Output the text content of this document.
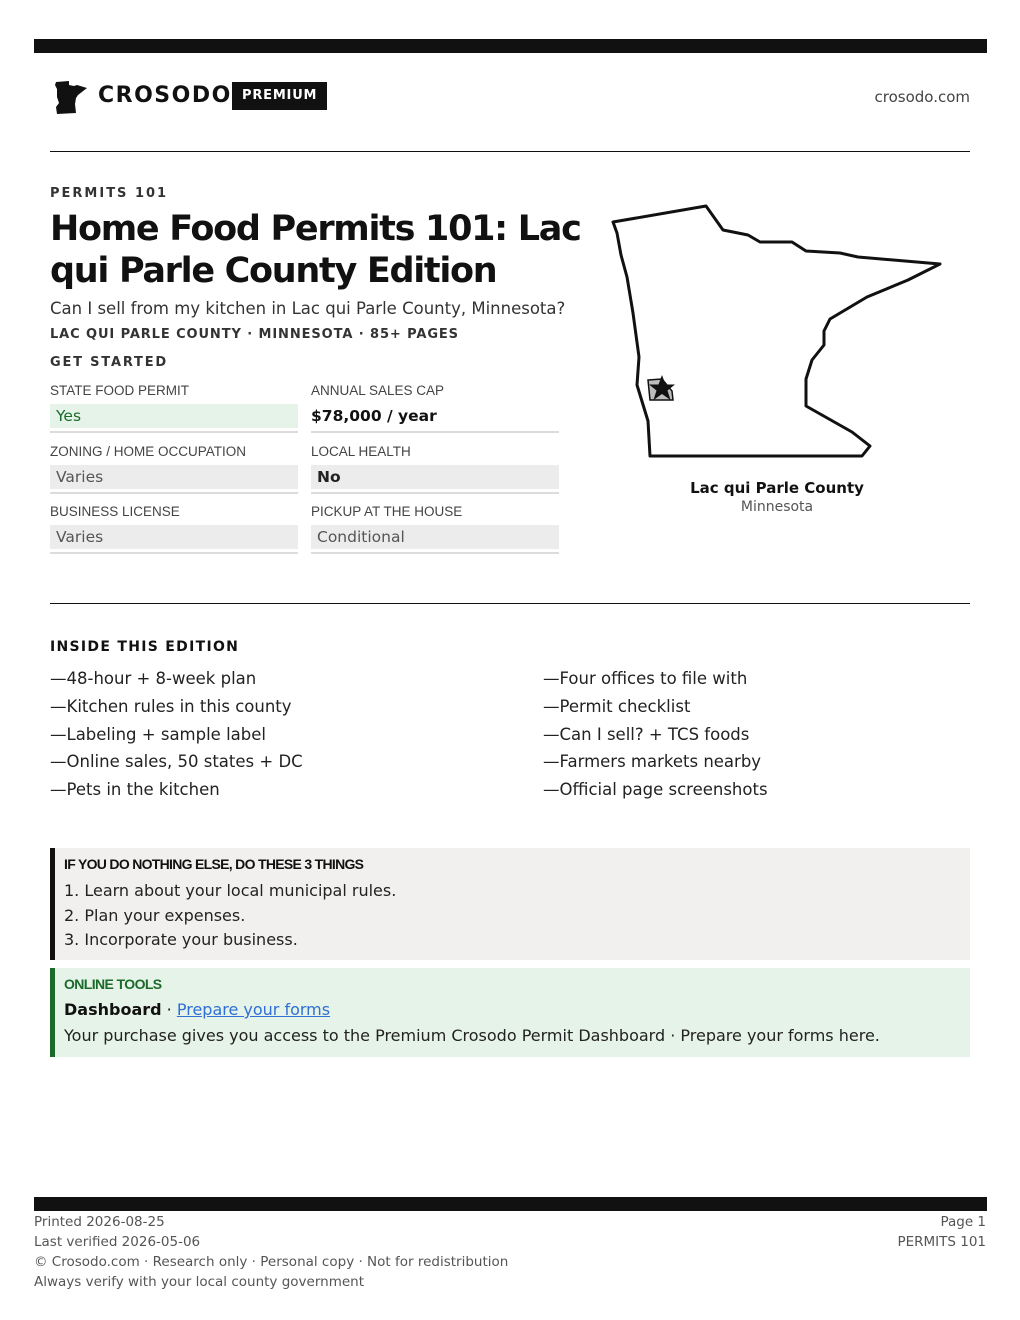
CROSODO PREMIUM	crosodo.com
PERMITS 101
Home Food Permits 101: Lac qui Parle County Edition
Can I sell from my kitchen in Lac qui Parle County, Minnesota?
LAC QUI PARLE COUNTY · MINNESOTA · 85+ PAGES
GET STARTED
STATE FOOD PERMIT
Yes
ANNUAL SALES CAP
$78,000 / year
ZONING / HOME OCCUPATION
Varies
LOCAL HEALTH
No
BUSINESS LICENSE
Varies
PICKUP AT THE HOUSE
Conditional
Lac qui Parle County
Minnesota
INSIDE THIS EDITION
—48-hour + 8-week plan
—Kitchen rules in this county
—Labeling + sample label
—Online sales, 50 states + DC
—Pets in the kitchen
—Four offices to file with
—Permit checklist
—Can I sell? + TCS foods
—Farmers markets nearby
—Official page screenshots
IF YOU DO NOTHING ELSE, DO THESE 3 THINGS
1. Learn about your local municipal rules.
2. Plan your expenses.
3. Incorporate your business.
ONLINE TOOLS
Dashboard · Prepare your forms
Your purchase gives you access to the Premium Crosodo Permit Dashboard · Prepare your forms here.
Printed 2026-08-25
Last verified 2026-05-06
© Crosodo.com · Research only · Personal copy · Not for redistribution
Always verify with your local county government
Page 1
PERMITS 101
